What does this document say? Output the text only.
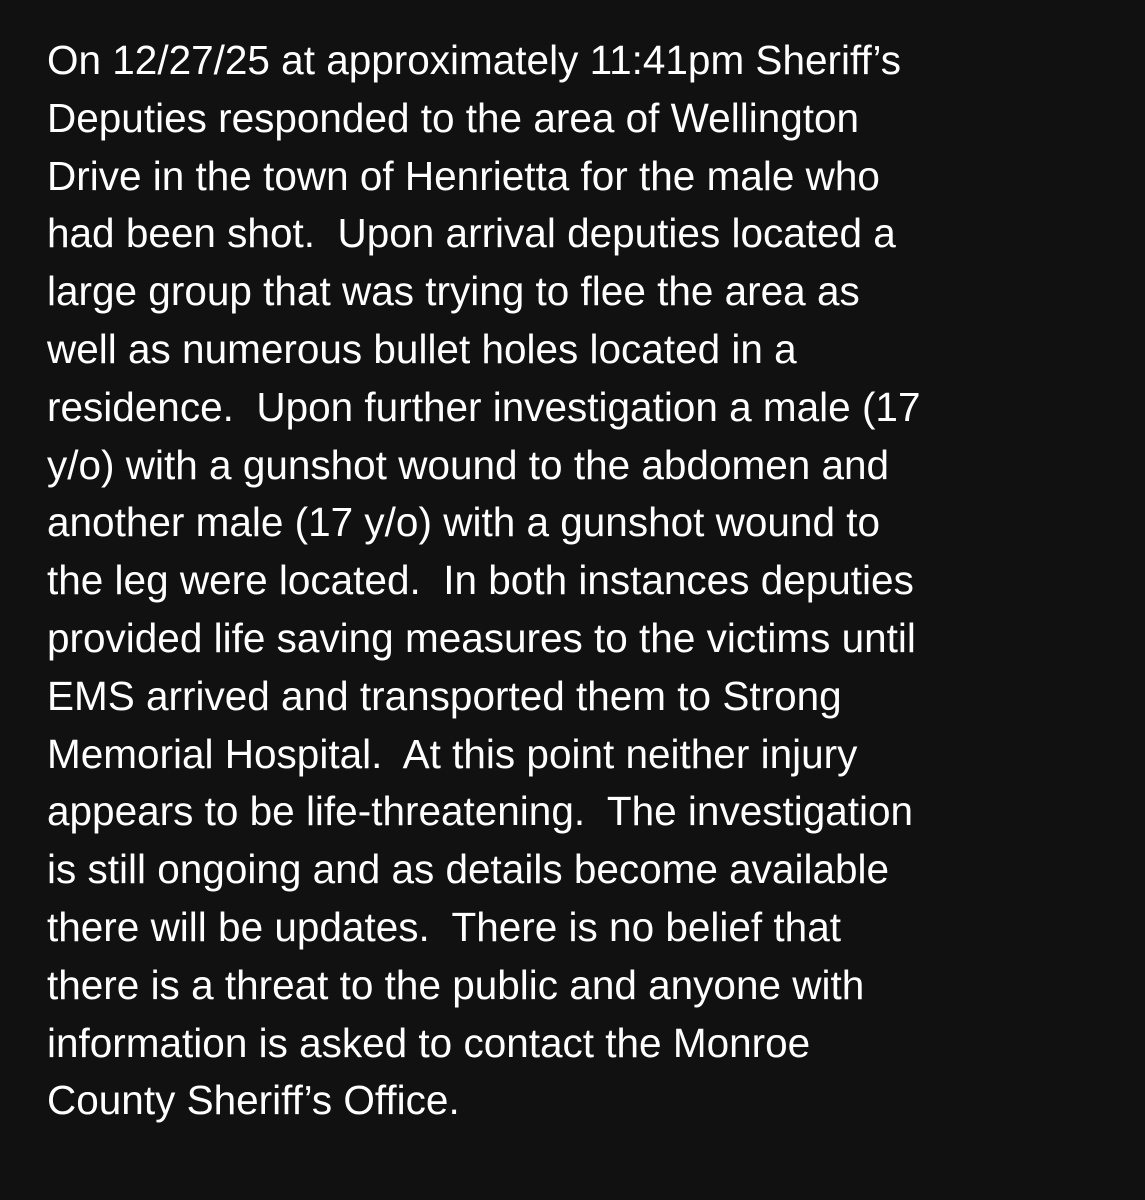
On 12/27/25 at approximately 11:41pm Sheriff’s
Deputies responded to the area of Wellington
Drive in the town of Henrietta for the male who
had been shot.  Upon arrival deputies located a
large group that was trying to flee the area as
well as numerous bullet holes located in a
residence.  Upon further investigation a male (17
y/o) with a gunshot wound to the abdomen and
another male (17 y/o) with a gunshot wound to
the leg were located.  In both instances deputies
provided life saving measures to the victims until
EMS arrived and transported them to Strong
Memorial Hospital.  At this point neither injury
appears to be life-threatening.  The investigation
is still ongoing and as details become available
there will be updates.  There is no belief that
there is a threat to the public and anyone with
information is asked to contact the Monroe
County Sheriff’s Office.
